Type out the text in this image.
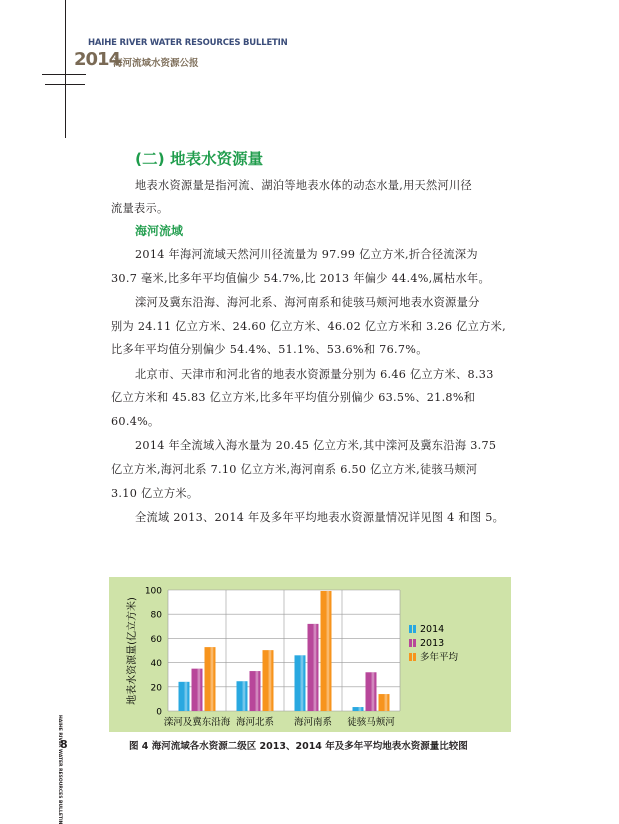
HAIHE RIVER WATER RESOURCES BULLETIN
2014
海河流域水资源公报
(二) 地表水资源量
地表水资源量是指河流、湖泊等地表水体的动态水量,用天然河川径
流量表示。
海河流域
2014 年海河流域天然河川径流量为 97.99 亿立方米,折合径流深为
30.7 毫米,比多年平均值偏少 54.7%,比 2013 年偏少 44.4%,属枯水年。
滦河及冀东沿海、海河北系、海河南系和徒骇马颊河地表水资源量分
别为 24.11 亿立方米、24.60 亿立方米、46.02 亿立方米和 3.26 亿立方米,
比多年平均值分别偏少 54.4%、51.1%、53.6%和 76.7%。
北京市、天津市和河北省的地表水资源量分别为 6.46 亿立方米、8.33
亿立方米和 45.83 亿立方米,比多年平均值分别偏少 63.5%、21.8%和
60.4%。
2014 年全流域入海水量为 20.45 亿立方米,其中滦河及冀东沿海 3.75
亿立方米,海河北系 7.10 亿立方米,海河南系 6.50 亿立方米,徒骇马颊河
3.10 亿立方米。
全流域 2013、2014 年及多年平均地表水资源量情况详见图 4 和图 5。
0
20
40
60
80
100
滦河及冀东沿海 海河北系 海河南系 徒骇马颊河
地表水资源量(亿立方米)	2014
2013
多年平均
图 4 海河流域各水资源二级区 2013、2014 年及多年平均地表水资源量比较图
8
HAIHE RIVER WATER RESOURCES BULLETIN
